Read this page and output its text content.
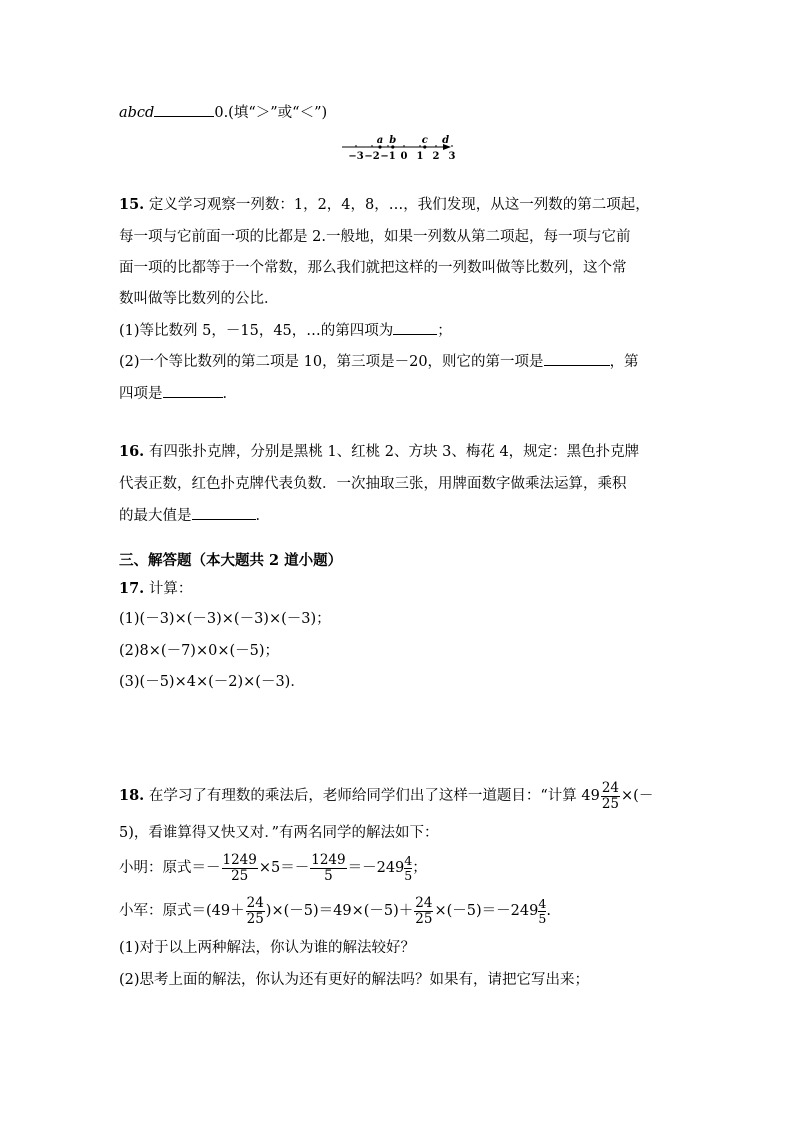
abcd	0.(填“＞”或“＜”)
−3 −2 −1 0 1 2 3
a b	c d
15. 定义学习观察一列数：1，2，4，8，…，我们发现，从这一列数的第二项起，
每一项与它前面一项的比都是 2.一般地，如果一列数从第二项起，每一项与它前
面一项的比都等于一个常数，那么我们就把这样的一列数叫做等比数列，这个常
数叫做等比数列的公比．
(1)等比数列 5，－15，45，…的第四项为	；
(2)一个等比数列的第二项是 10，第三项是－20，则它的第一项是	，第
四项是	．
16. 有四张扑克牌，分别是黑桃 1、红桃 2、方块 3、梅花 4，规定：黑色扑克牌
代表正数，红色扑克牌代表负数．一次抽取三张，用牌面数字做乘法运算，乘积
的最大值是	．
三、解答题（本大题共 2 道小题）
17. 计算：
(1)(－3)×(－3)×(－3)×(－3)；
(2)8×(－7)×0×(－5)；
(3)(－5)×4×(－2)×(－3)．
18. 在学习了有理数的乘法后，老师给同学们出了这样一道题目：“计算 $49 \frac{24}{25}$ ×(－
5)，看谁算得又快又对．”有两名同学的解法如下：
小明：原式＝－ $\frac{1249}{25} \times 5=- \frac{1249}{5} =-249 \frac{4}{5}$ ；
小军：原式$=(49+ \frac{24}{25} )\times(-5)=49\times(-5)+ \frac{24}{25} \times(-5)=-249 \frac{4}{5}$ .
(1)对于以上两种解法，你认为谁的解法较好？
(2)思考上面的解法，你认为还有更好的解法吗？如果有，请把它写出来；
